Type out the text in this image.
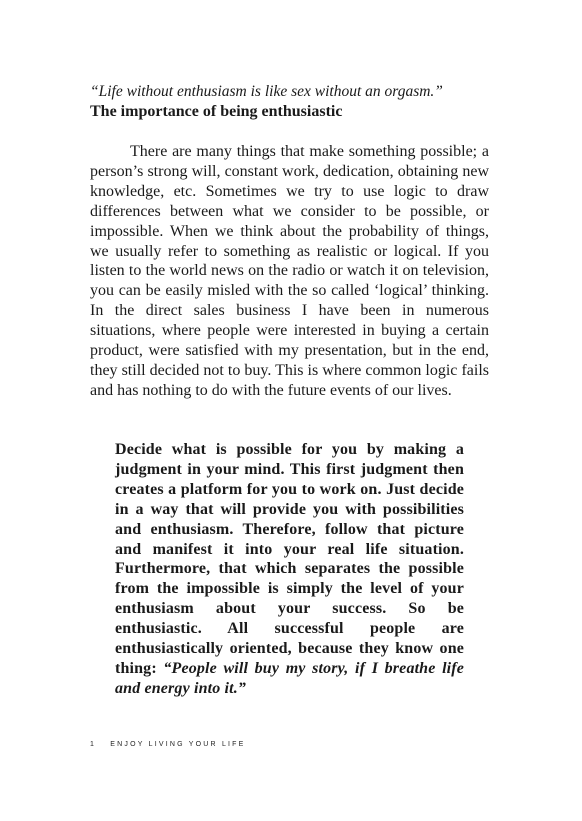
“Life without enthusiasm is like sex without an orgasm.”

The importance of being enthusiastic

There are many things that make something possible; a person’s strong will, constant work, dedication, obtaining new knowledge, etc. Sometimes we try to use logic to draw differences between what we consider to be possible, or impossible. When we think about the probability of things, we usually refer to something as realistic or logical. If you listen to the world news on the radio or watch it on television, you can be easily misled with the so called ‘logical’ thinking. In the direct sales business I have been in numerous situations, where people were interested in buying a certain product, were satisfied with my presentation, but in the end, they still decided not to buy. This is where common logic fails and has nothing to do with the future events of our lives.

Decide what is possible for you by making a judgment in your mind. This first judgment then creates a platform for you to work on. Just decide in a way that will provide you with possibilities and enthusiasm. Therefore, follow that picture and manifest it into your real life situation. Furthermore, that which separates the possible from the impossible is simply the level of your enthusiasm about your success. So be enthusiastic. All successful people are enthusiastically oriented, because they know one thing: “People will buy my story, if I breathe life and energy into it.”

1 ENJOY LIVING YOUR LIFE
